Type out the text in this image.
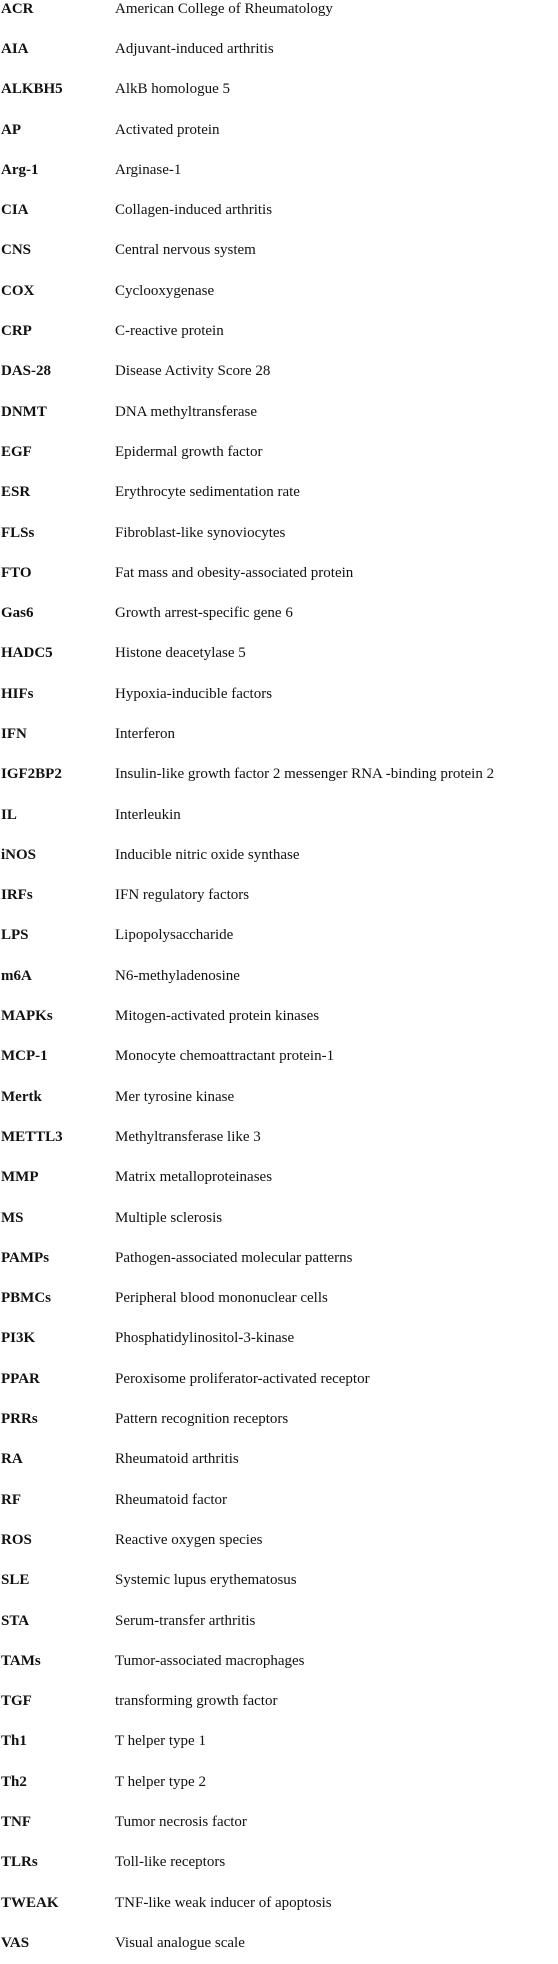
ACR	American College of Rheumatology
AIA	Adjuvant-induced arthritis
ALKBH5	AlkB homologue 5
AP	Activated protein
Arg-1	Arginase-1
CIA	Collagen-induced arthritis
CNS	Central nervous system
COX	Cyclooxygenase
CRP	C-reactive protein
DAS-28	Disease Activity Score 28
DNMT	DNA methyltransferase
EGF	Epidermal growth factor
ESR	Erythrocyte sedimentation rate
FLSs	Fibroblast-like synoviocytes
FTO	Fat mass and obesity-associated protein
Gas6	Growth arrest-specific gene 6
HADC5	Histone deacetylase 5
HIFs	Hypoxia-inducible factors
IFN	Interferon
IGF2BP2	Insulin-like growth factor 2 messenger RNA -binding protein 2
IL	Interleukin
iNOS	Inducible nitric oxide synthase
IRFs	IFN regulatory factors
LPS	Lipopolysaccharide
m6A	N6-methyladenosine
MAPKs	Mitogen-activated protein kinases
MCP-1	Monocyte chemoattractant protein-1
Mertk	Mer tyrosine kinase
METTL3	Methyltransferase like 3
MMP	Matrix metalloproteinases
MS	Multiple sclerosis
PAMPs	Pathogen-associated molecular patterns
PBMCs	Peripheral blood mononuclear cells
PI3K	Phosphatidylinositol-3-kinase
PPAR	Peroxisome proliferator-activated receptor
PRRs	Pattern recognition receptors
RA	Rheumatoid arthritis
RF	Rheumatoid factor
ROS	Reactive oxygen species
SLE	Systemic lupus erythematosus
STA	Serum-transfer arthritis
TAMs	Tumor-associated macrophages
TGF	transforming growth factor
Th1	T helper type 1
Th2	T helper type 2
TNF	Tumor necrosis factor
TLRs	Toll-like receptors
TWEAK	TNF-like weak inducer of apoptosis
VAS	Visual analogue scale
